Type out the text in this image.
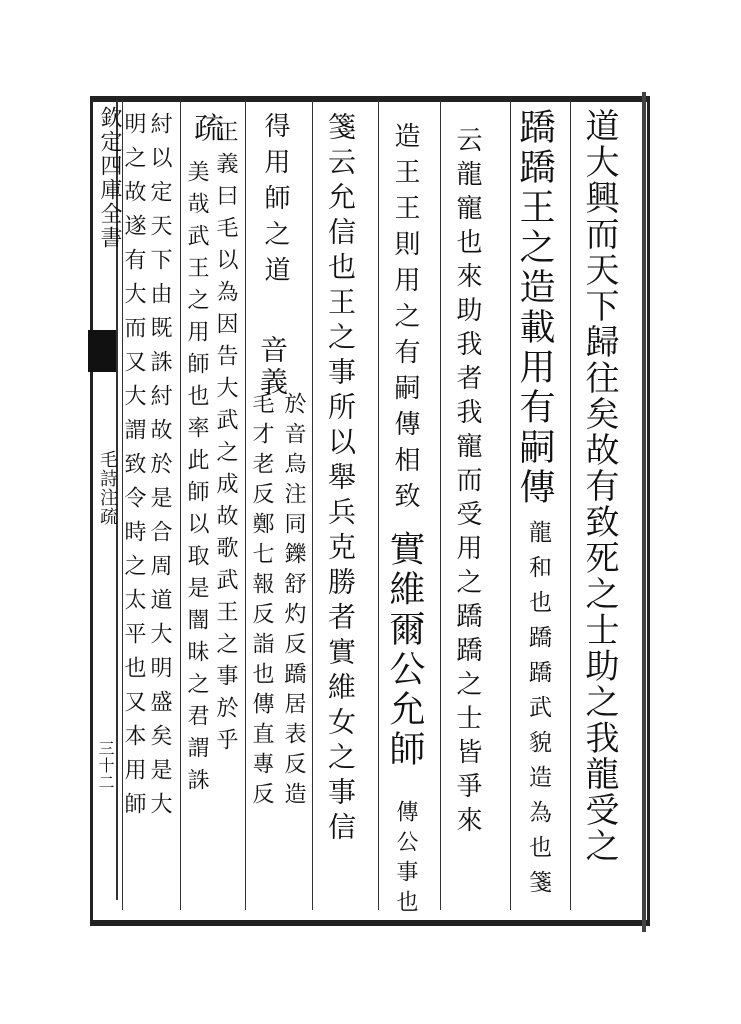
欽定四庫全書
毛詩注疏
三十二	道大興而天下歸往矣故有致死之士助之我龍受之
蹻蹻王之造載用有嗣傳
龍和也蹻蹻武貌造為也箋
云龍寵也來助我者我寵而受用之蹻蹻之士皆爭來
造王王則用之有嗣傳相致
實維爾公允師
傳公事也
箋云允信也王之事所以舉兵克勝者實維女之事信
得用師之道
音義
於音烏注同鑠舒灼反蹻居表反造
毛才老反鄭七報反詣也傳直專反
疏
正義曰毛以為因告大武之成故歌武王之事於乎
美哉武王之用師也率此師以取是闇昧之君謂誅
紂以定天下由既誅紂故於是合周道大明盛矣是大
明之故遂有大而又大謂致令時之太平也又本用師
